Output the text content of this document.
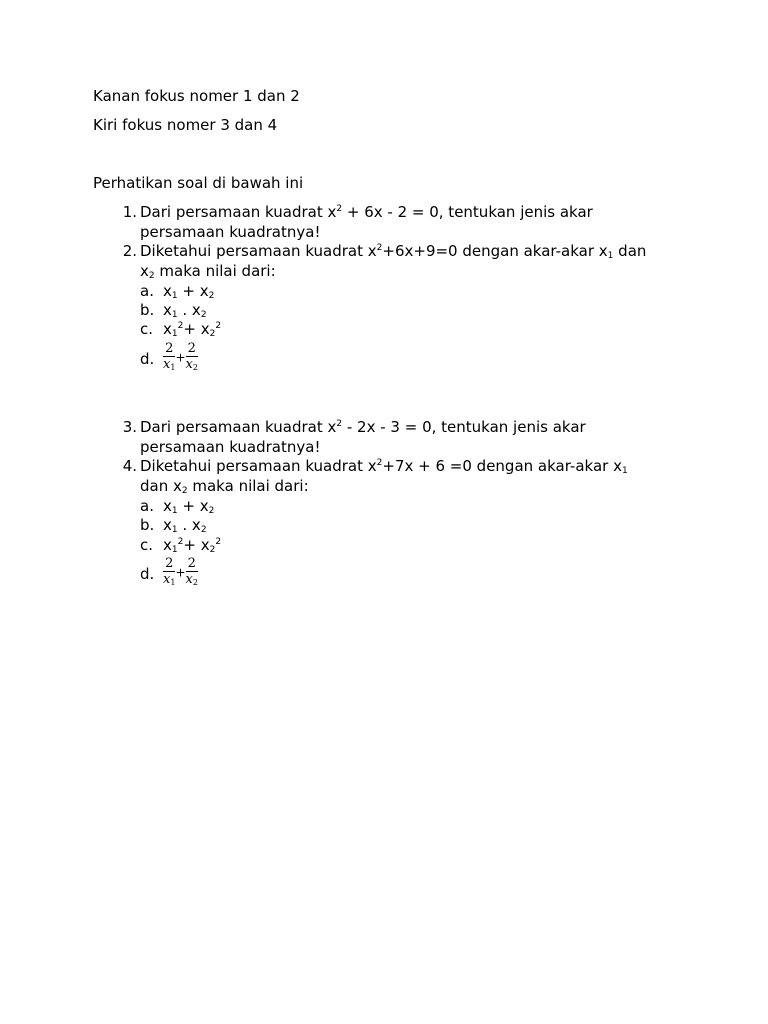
Kanan fokus nomer 1 dan 2
Kiri fokus nomer 3 dan 4
Perhatikan soal di bawah ini
1. Dari persamaan kuadrat $x^2 + 6x - 2 = 0$, tentukan jenis akar
persamaan kuadratnya!
2. Diketahui persamaan kuadrat $x^2+6x+9=0$ dengan akar-akar $x_1$ dan
$x_2$ maka nilai dari:
a. $x_1 + x_2$
b. $x_1$ . $x_2$
c. $x_1^2+ x_2^2$
d. $\frac{2}{x1} + \frac{2}{x2}$
3. Dari persamaan kuadrat $x^2 - 2x - 3 = 0$, tentukan jenis akar
persamaan kuadratnya!
4. Diketahui persamaan kuadrat $x^2+7x + 6 =0$ dengan akar-akar $x_1$
dan $x_2$ maka nilai dari:
a. $x_1 + x_2$
b. $x_1$ . $x_2$
c. $x_1^2+ x_2^2$
d. $\frac{2}{x1} + \frac{2}{x2}$
